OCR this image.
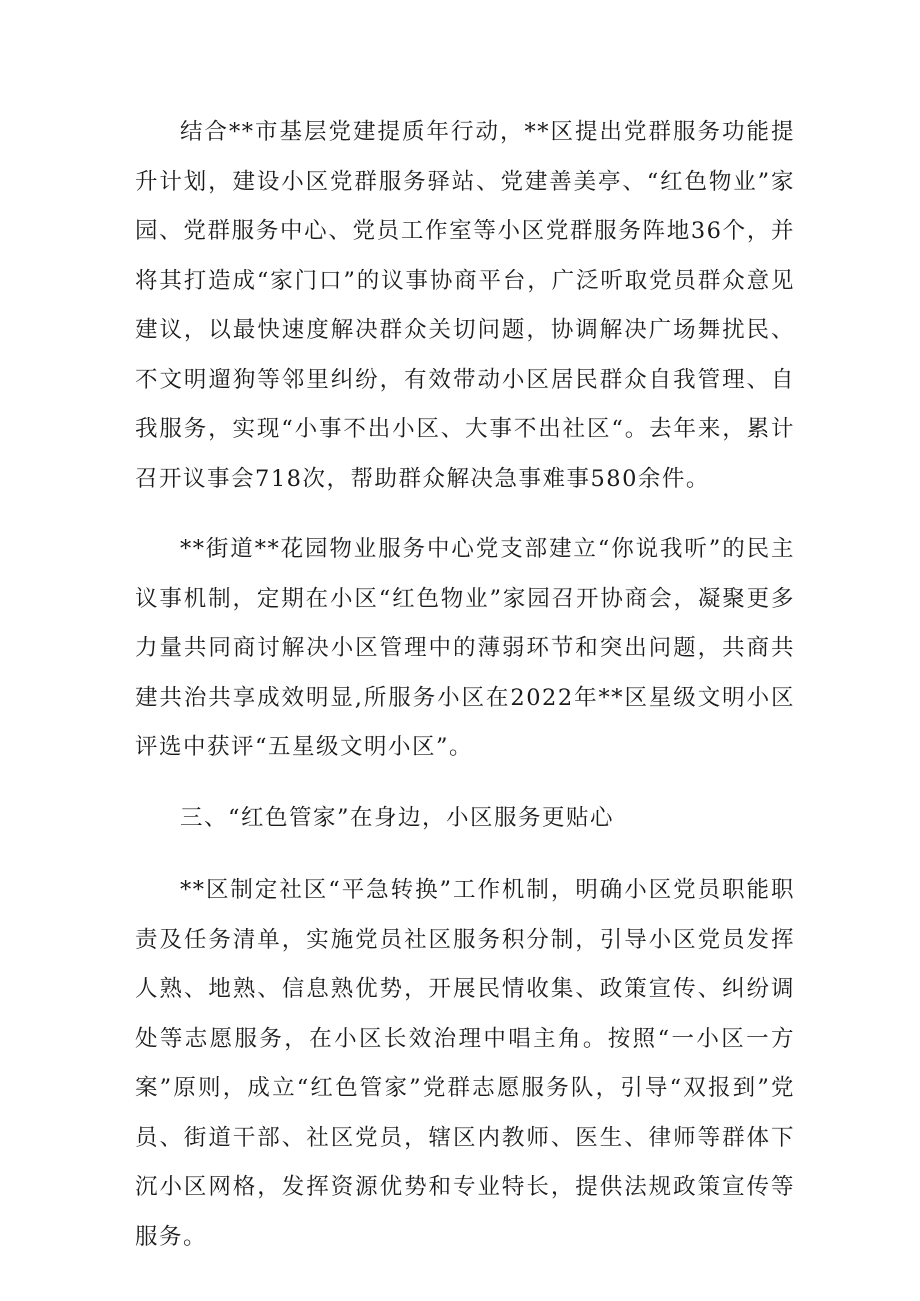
结合**市基层党建提质年行动，**区提出党群服务功能提升计划，建设小区党群服务驿站、党建善美亭、“红色物业”家园、党群服务中心、党员工作室等小区党群服务阵地36个，并将其打造成“家门口”的议事协商平台，广泛听取党员群众意见建议，以最快速度解决群众关切问题，协调解决广场舞扰民、不文明遛狗等邻里纠纷，有效带动小区居民群众自我管理、自我服务，实现“小事不出小区、大事不出社区“。去年来，累计召开议事会718次，帮助群众解决急事难事580余件。

**街道**花园物业服务中心党支部建立“你说我听”的民主议事机制，定期在小区“红色物业”家园召开协商会，凝聚更多力量共同商讨解决小区管理中的薄弱环节和突出问题，共商共建共治共享成效明显,所服务小区在2022年**区星级文明小区评选中获评“五星级文明小区”。

三、“红色管家”在身边，小区服务更贴心

**区制定社区“平急转换”工作机制，明确小区党员职能职责及任务清单，实施党员社区服务积分制，引导小区党员发挥人熟、地熟、信息熟优势，开展民情收集、政策宣传、纠纷调处等志愿服务，在小区长效治理中唱主角。按照“一小区一方案”原则，成立“红色管家”党群志愿服务队，引导“双报到”党员、街道干部、社区党员，辖区内教师、医生、律师等群体下沉小区网格，发挥资源优势和专业特长，提供法规政策宣传等服务。
